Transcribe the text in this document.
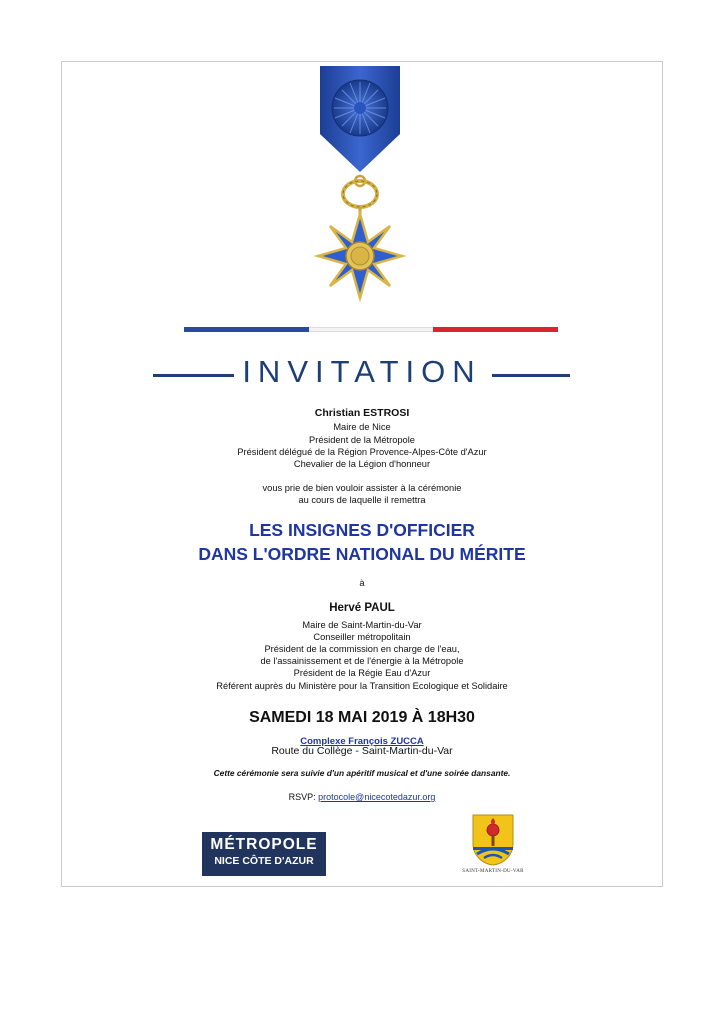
INVITATION
Christian ESTROSI
Maire de Nice
Président de la Métropole
Président délégué de la Région Provence-Alpes-Côte d'Azur
Chevalier de la Légion d'honneur
vous prie de bien vouloir assister à la cérémonie
au cours de laquelle il remettra
LES INSIGNES D'OFFICIER
DANS L'ORDRE NATIONAL DU MÉRITE
à
Hervé PAUL
Maire de Saint-Martin-du-Var
Conseiller métropolitain
Président de la commission en charge de l'eau,
de l'assainissement et de l'énergie à la Métropole
Président de la Régie Eau d'Azur
Référent auprès du Ministère pour la Transition Ecologique et Solidaire
SAMEDI 18 MAI 2019 À 18H30
Complexe François ZUCCA
Route du Collège - Saint-Martin-du-Var
Cette cérémonie sera suivie d'un apéritif musical et d'une soirée dansante.
RSVP: protocole@nicecotedazur.org
MÉTROPOLE
NICE CÔTE D'AZUR
SAINT-MARTIN-DU-VAR
